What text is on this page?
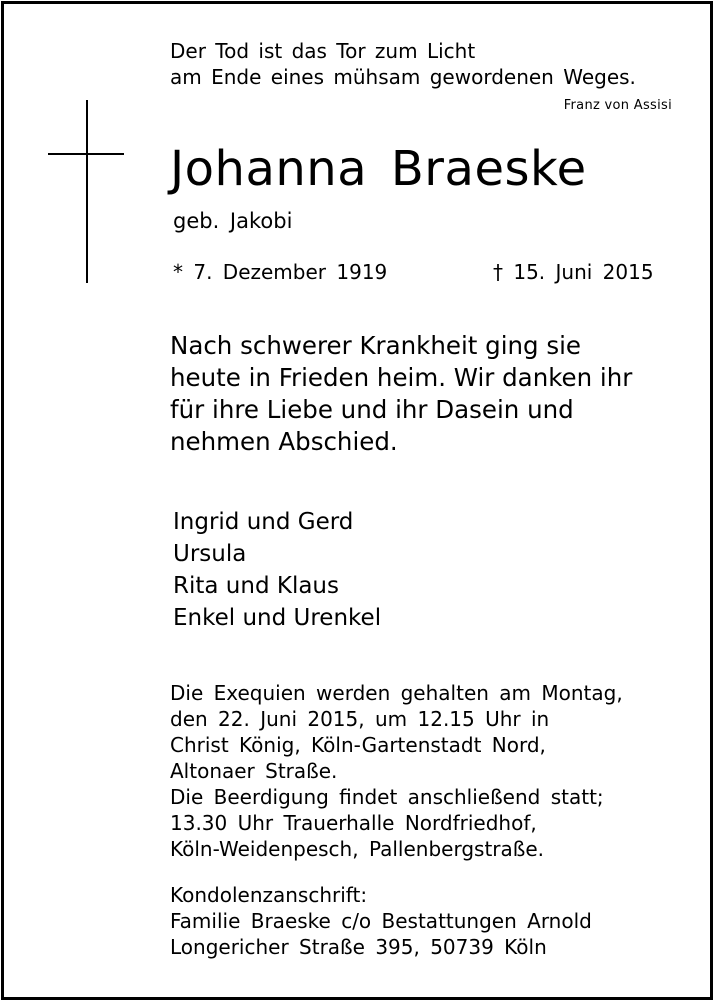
Der Tod ist das Tor zum Licht

am Ende eines mühsam gewordenen Weges.

Franz von Assisi

Johanna Braeske

geb. Jakobi

* 7. Dezember 1919	† 15. Juni 2015

Nach schwerer Krankheit ging sie

heute in Frieden heim. Wir danken ihr

für ihre Liebe und ihr Dasein und

nehmen Abschied.

Ingrid und Gerd

Ursula

Rita und Klaus

Enkel und Urenkel

Die Exequien werden gehalten am Montag,

den 22. Juni 2015, um 12.15 Uhr in

Christ König, Köln-Gartenstadt Nord,

Altonaer Straße.

Die Beerdigung findet anschließend statt;

13.30 Uhr Trauerhalle Nordfriedhof,

Köln-Weidenpesch, Pallenbergstraße.

Kondolenzanschrift:

Familie Braeske c/o Bestattungen Arnold

Longericher Straße 395, 50739 Köln
